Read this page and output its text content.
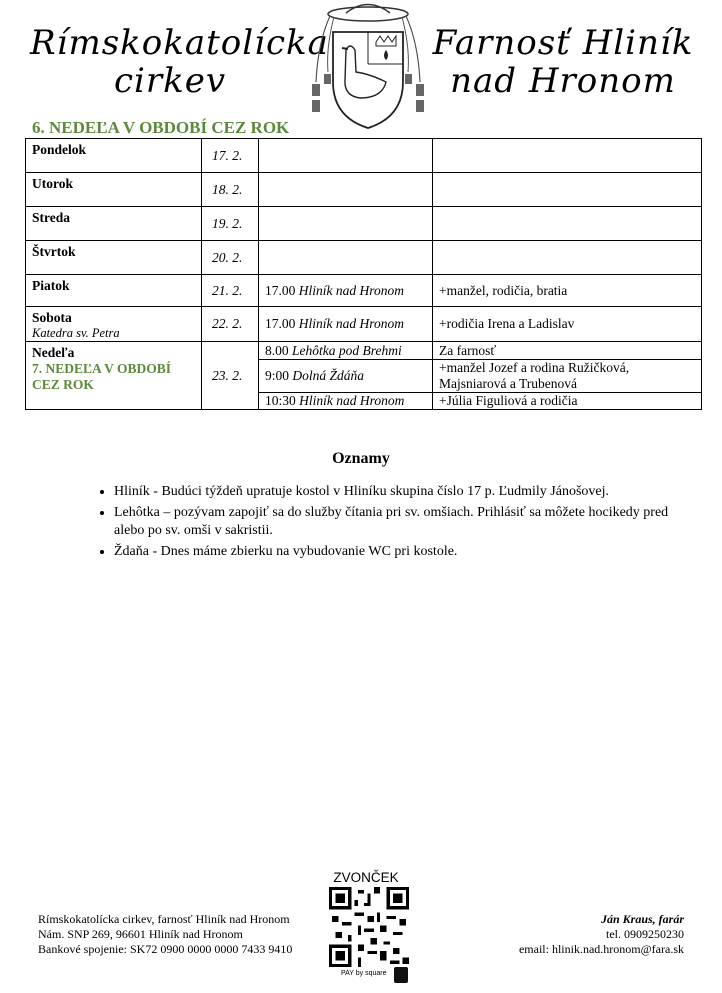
Rímskokatolícka
cirkev
Farnosť Hliník
nad Hronom
6. NEDEĽA V OBDOBÍ CEZ ROK
Pondelok	17. 2.		
Utorok	18. 2.		
Streda	19. 2.		
Štvrtok	20. 2.		
Piatok	21. 2.	17.00 Hliník nad Hronom	+manžel, rodičia, bratia
Sobota
Katedra sv. Petra	22. 2.	17.00 Hliník nad Hronom	+rodičia Irena a Ladislav
Nedeľa
7. NEDEĽA V OBDOBÍ CEZ ROK	23. 2.	8.00 Lehôtka pod Brehmi	Za farnosť
		9:00 Dolná Ždáňa	+manžel Jozef a rodina Ružičková, Majsniarová a Trubenová
		10:30 Hliník nad Hronom	+Júlia Figuliová a rodičia
Oznamy
• Hliník - Budúci týždeň upratuje kostol v Hliníku skupina číslo 17 p. Ľudmily Jánošovej.
• Lehôtka – pozývam zapojiť sa do služby čítania pri sv. omšiach. Prihlásiť sa môžete hocikedy pred alebo po sv. omši v sakristii.
• Ždaňa - Dnes máme zbierku na vybudovanie WC pri kostole.
Rímskokatolícka cirkev, farnosť Hliník nad Hronom
Nám. SNP 269, 96601 Hliník nad Hronom
Bankové spojenie: SK72 0900 0000 0000 7433 9410
ZVONČEK
PAY by square
Ján Kraus, farár
tel. 0909250230
email: hlinik.nad.hronom@fara.sk
